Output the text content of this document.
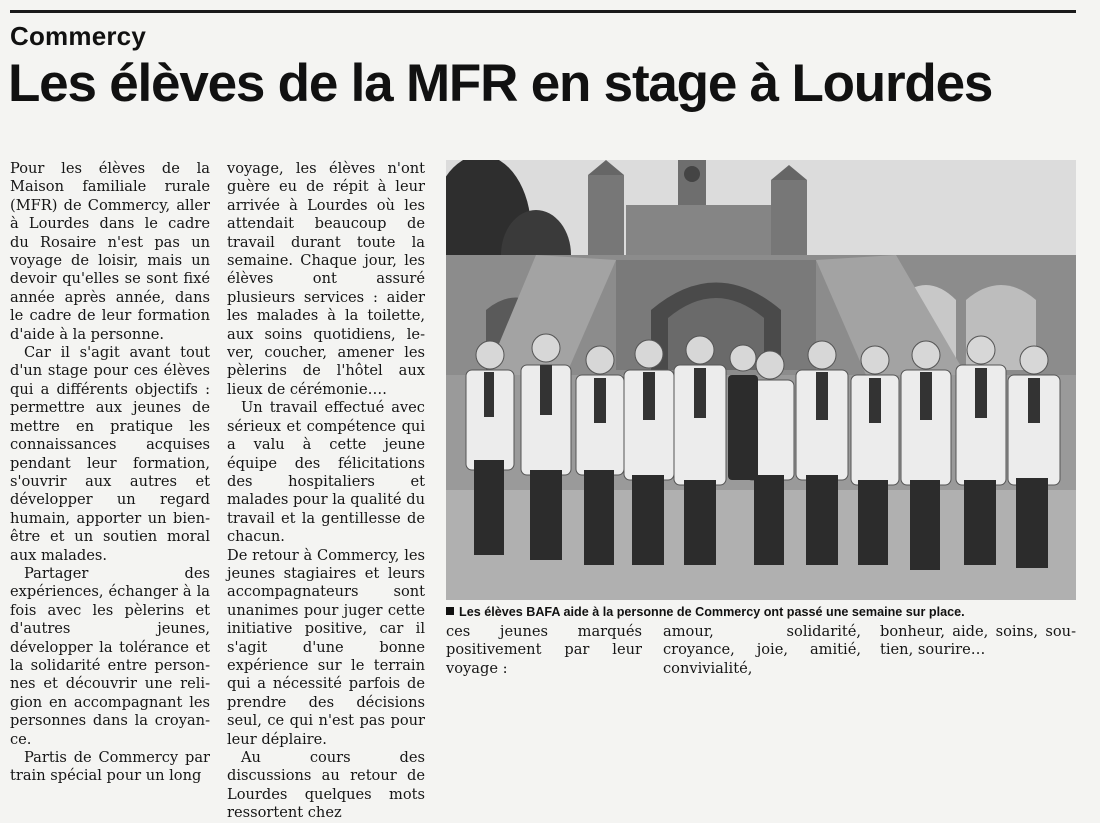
Commercy
Les élèves de la MFR en stage à Lourdes

Pour les élèves de la Maison familiale rurale (MFR) de Commercy, aller à Lourdes dans le cadre du Rosaire n'est pas un voyage de loisir, mais un devoir qu'elles se sont fixé année après année, dans le cadre de leur formation d'aide à la personne.

Car il s'agit avant tout d'un stage pour ces élèves qui a différents objectifs : permettre aux jeunes de mettre en pratique les connaissances acquises pendant leur formation, s'ouvrir aux autres et développer un regard humain, apporter un bien-être et un soutien moral aux malades.

Partager des expériences, échanger à la fois avec les pèlerins et d'autres jeunes, développer la tolérance et la solidarité entre personnes et découvrir une religion en accompagnant les personnes dans la croyance.

Partis de Commercy par train spécial pour un long

voyage, les élèves n'ont guère eu de répit à leur arrivée à Lourdes où les attendait beaucoup de travail durant toute la semaine. Chaque jour, les élèves ont assuré plusieurs services : aider les malades à la toilette, aux soins quotidiens, lever, coucher, amener les pèlerins de l'hôtel aux lieux de cérémonie….

Un travail effectué avec sérieux et compétence qui a valu à cette jeune équipe des félicitations des hospitaliers et malades pour la qualité du travail et la gentillesse de chacun.

De retour à Commercy, les jeunes stagiaires et leurs accompagnateurs sont unanimes pour juger cette initiative positive, car il s'agit d'une bonne expérience sur le terrain qui a nécessité parfois de prendre des décisions seul, ce qui n'est pas pour leur déplaire.

Au cours des discussions au retour de Lourdes quelques mots ressortent chez

Les élèves BAFA aide à la personne de Commercy ont passé une semaine sur place.

ces jeunes marqués positivement par leur voyage :

amour, solidarité, croyance, joie, amitié, convivialité,

bonheur, aide, soins, soutien, sourire…
